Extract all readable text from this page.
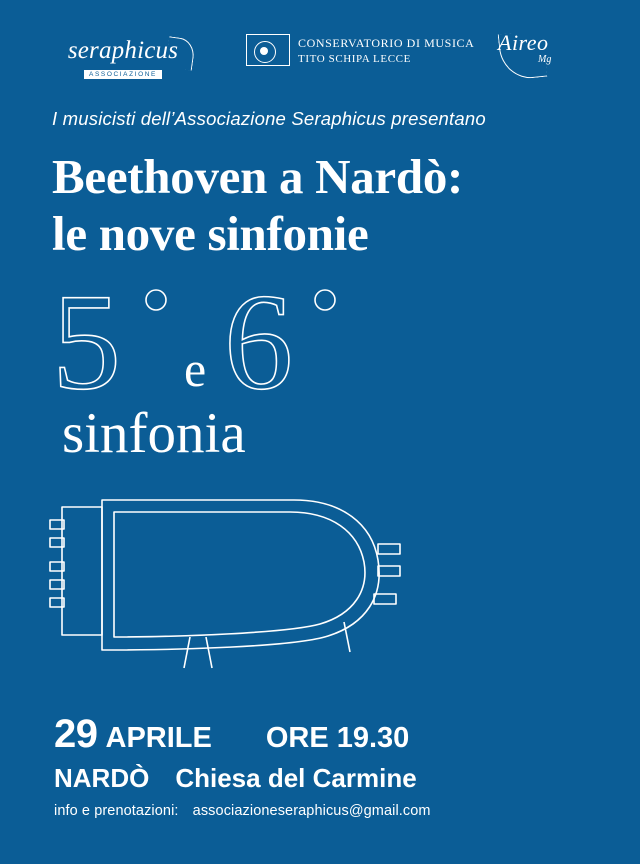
seraphicus
ASSOCIAZIONE
CONSERVATORIO DI MUSICA
TITO SCHIPA LECCE
Aireo
Mg
I musicisti dell’Associazione Seraphicus presentano
Beethoven a Nardò:
le nove sinfonie
5 e 6
sinfonia
29 APRILE ORE 19.30
NARDÒ Chiesa del Carmine
info e prenotazioni: associazioneseraphicus@gmail.com
